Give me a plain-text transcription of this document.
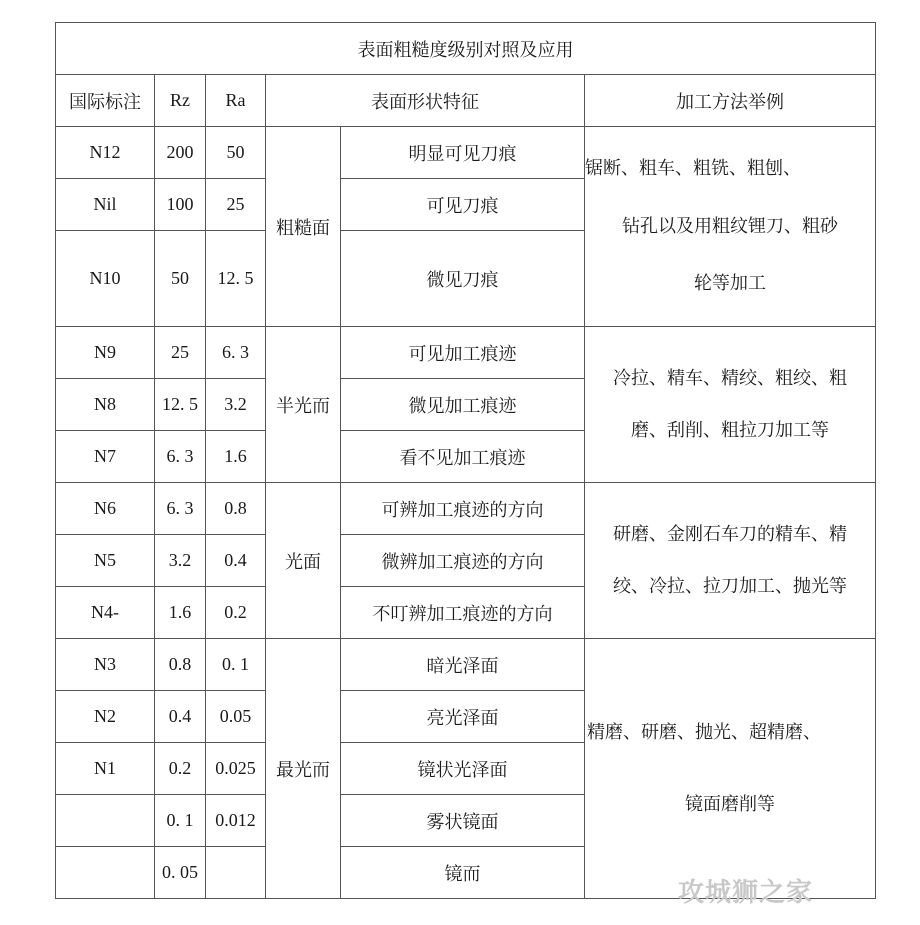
表面粗糙度级别对照及应用					
国际标注	Rz	Ra	表面形状特征		加工方法举例
N12	200	50	粗糙面	明显可见刀痕	锯断、粗车、粗铣、粗刨、
钻孔以及用粗纹锂刀、粗砂
轮等加工

Nil	100	25		可见刀痕	
N10	50	12. 5		微见刀痕	
N9	25	6. 3	半光而	可见加工痕迹	冷拉、精车、精绞、粗绞、粗
磨、刮削、粗拉刀加工等

N8	12. 5	3.2		微见加工痕迹	
N7	6. 3	1.6		看不见加工痕迹	
N6	6. 3	0.8	光面	可辨加工痕迹的方向	研磨、金刚石车刀的精车、精
绞、冷拉、拉刀加工、抛光等

N5	3.2	0.4		微辨加工痕迹的方向	
N4-	1.6	0.2		不叮辨加工痕迹的方向	
N3	0.8	0. 1	最光而	暗光泽面	精磨、研磨、抛光、超精磨、
镜面磨削等

N2	0.4	0.05		亮光泽面	
N1	0.2	0.025		镜状光泽面	
	0. 1	0.012		雾状镜面	
	0. 05			镜而	
攻城狮之家
